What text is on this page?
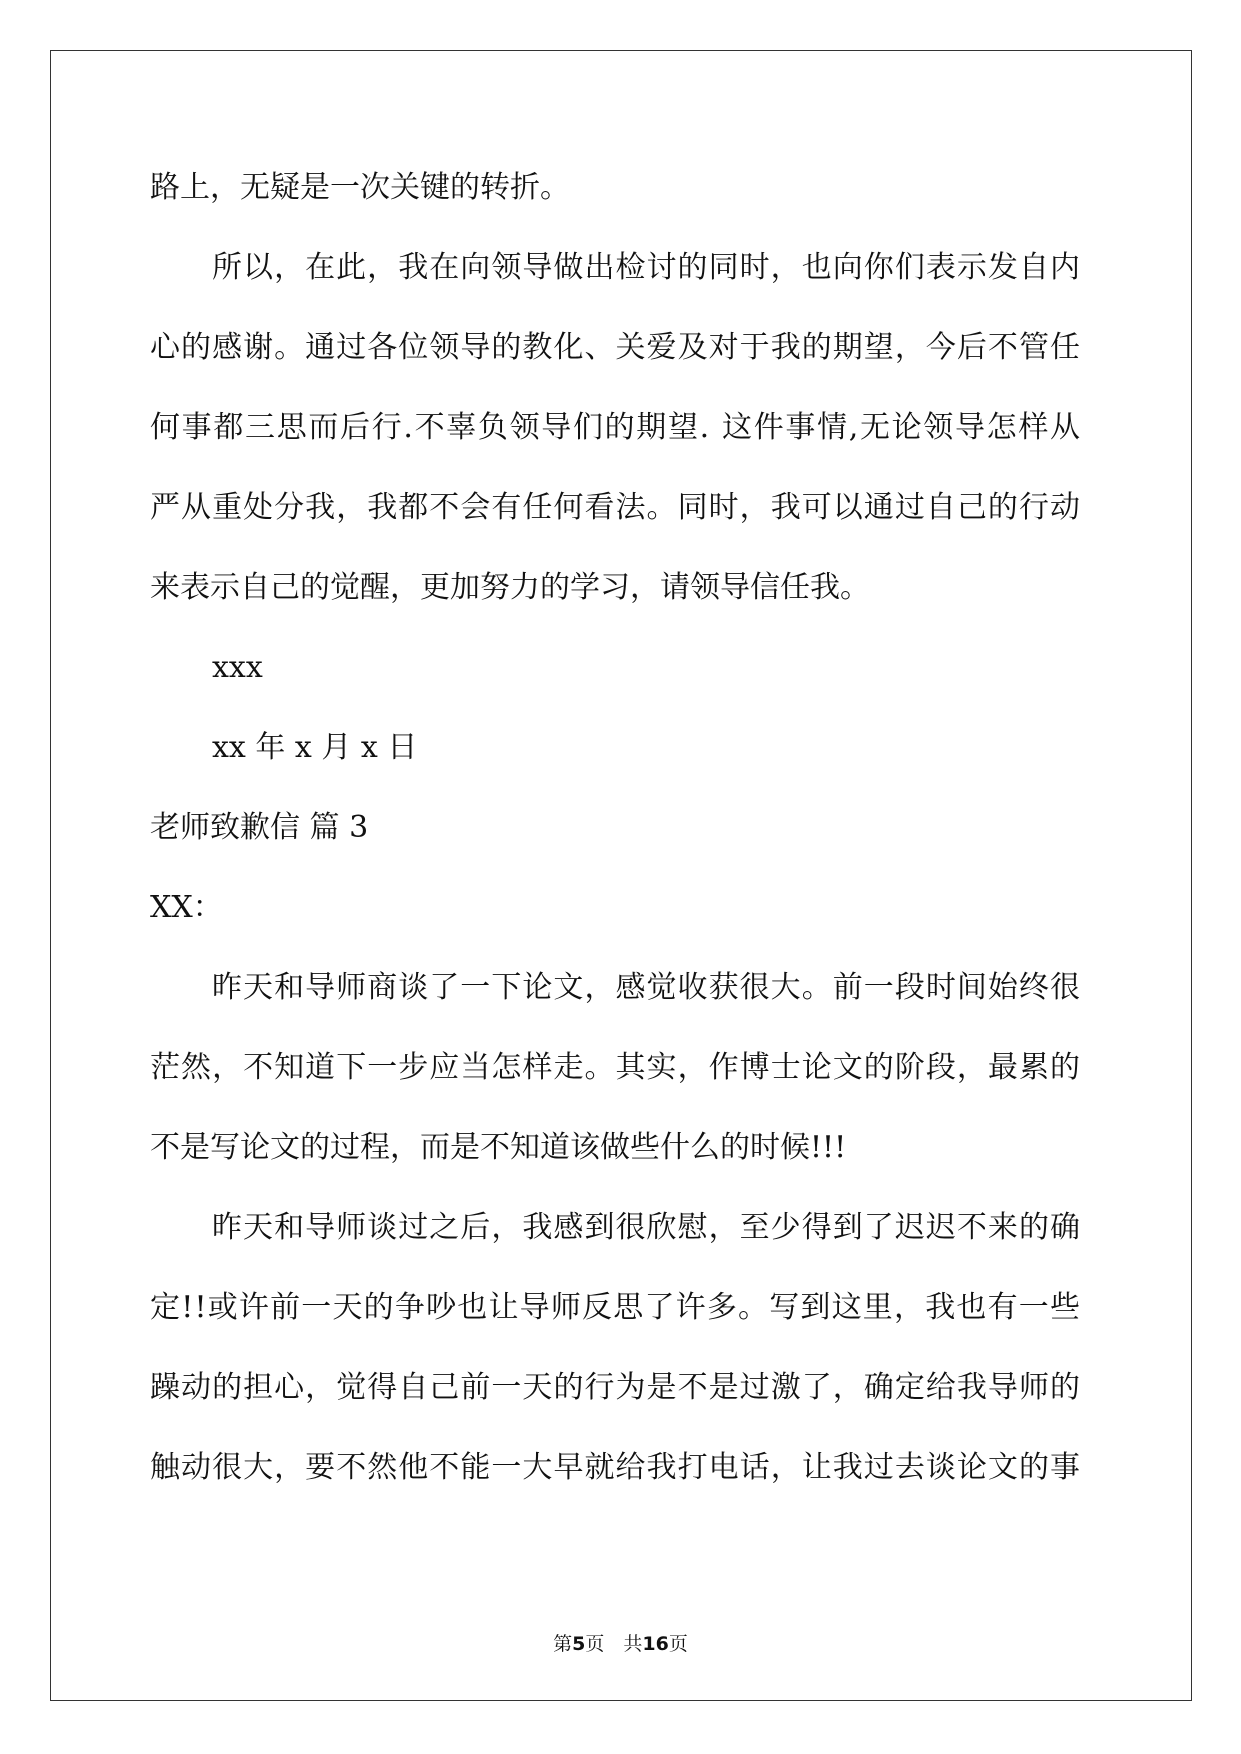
路上，无疑是一次关键的转折。
所以，在此，我在向领导做出检讨的同时，也向你们表示发自内
心的感谢。通过各位领导的教化、关爱及对于我的期望，今后不管任
何事都三思而后行.不辜负领导们的期望. 这件事情,无论领导怎样从
严从重处分我，我都不会有任何看法。同时，我可以通过自己的行动
来表示自己的觉醒，更加努力的学习，请领导信任我。
xxx
xx 年 x 月 x 日
老师致歉信 篇 3
XX：
昨天和导师商谈了一下论文，感觉收获很大。前一段时间始终很
茫然，不知道下一步应当怎样走。其实，作博士论文的阶段，最累的
不是写论文的过程，而是不知道该做些什么的时候!!!
昨天和导师谈过之后，我感到很欣慰，至少得到了迟迟不来的确
定!!或许前一天的争吵也让导师反思了许多。写到这里，我也有一些
躁动的担心，觉得自己前一天的行为是不是过激了，确定给我导师的
触动很大，要不然他不能一大早就给我打电话，让我过去谈论文的事
第5页　共16页
